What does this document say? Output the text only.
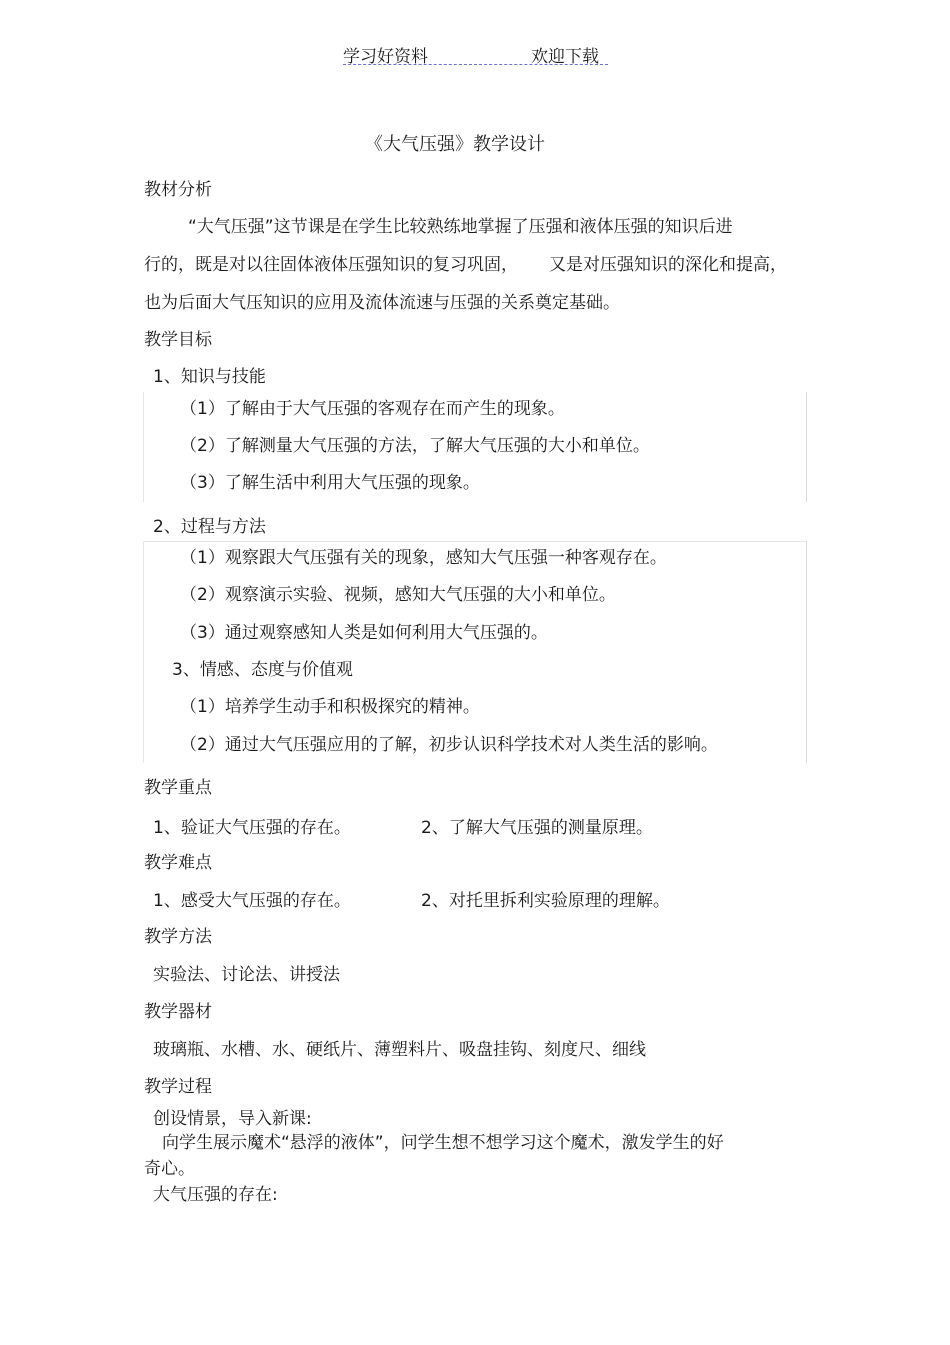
学习好资料	欢迎下载
《大气压强》教学设计
教材分析
“大气压强”这节课是在学生比较熟练地掌握了压强和液体压强的知识后进
行的，既是对以往固体液体压强知识的复习巩固， 又是对压强知识的深化和提高，
也为后面大气压知识的应用及流体流速与压强的关系奠定基础。
教学目标
1、知识与技能
（1）了解由于大气压强的客观存在而产生的现象。
（2）了解测量大气压强的方法，了解大气压强的大小和单位。
（3）了解生活中利用大气压强的现象。
2、过程与方法
（1）观察跟大气压强有关的现象，感知大气压强一种客观存在。
（2）观察演示实验、视频，感知大气压强的大小和单位。
（3）通过观察感知人类是如何利用大气压强的。
3、情感、态度与价值观
（1）培养学生动手和积极探究的精神。
（2）通过大气压强应用的了解，初步认识科学技术对人类生活的影响。
教学重点
1、验证大气压强的存在。	2、了解大气压强的测量原理。
教学难点
1、感受大气压强的存在。	2、对托里拆利实验原理的理解。
教学方法
实验法、讨论法、讲授法
教学器材
玻璃瓶、水槽、水、硬纸片、薄塑料片、吸盘挂钩、刻度尺、细线
教学过程
创设情景，导入新课:
向学生展示魔术“悬浮的液体”，问学生想不想学习这个魔术，激发学生的好
奇心。
大气压强的存在:
